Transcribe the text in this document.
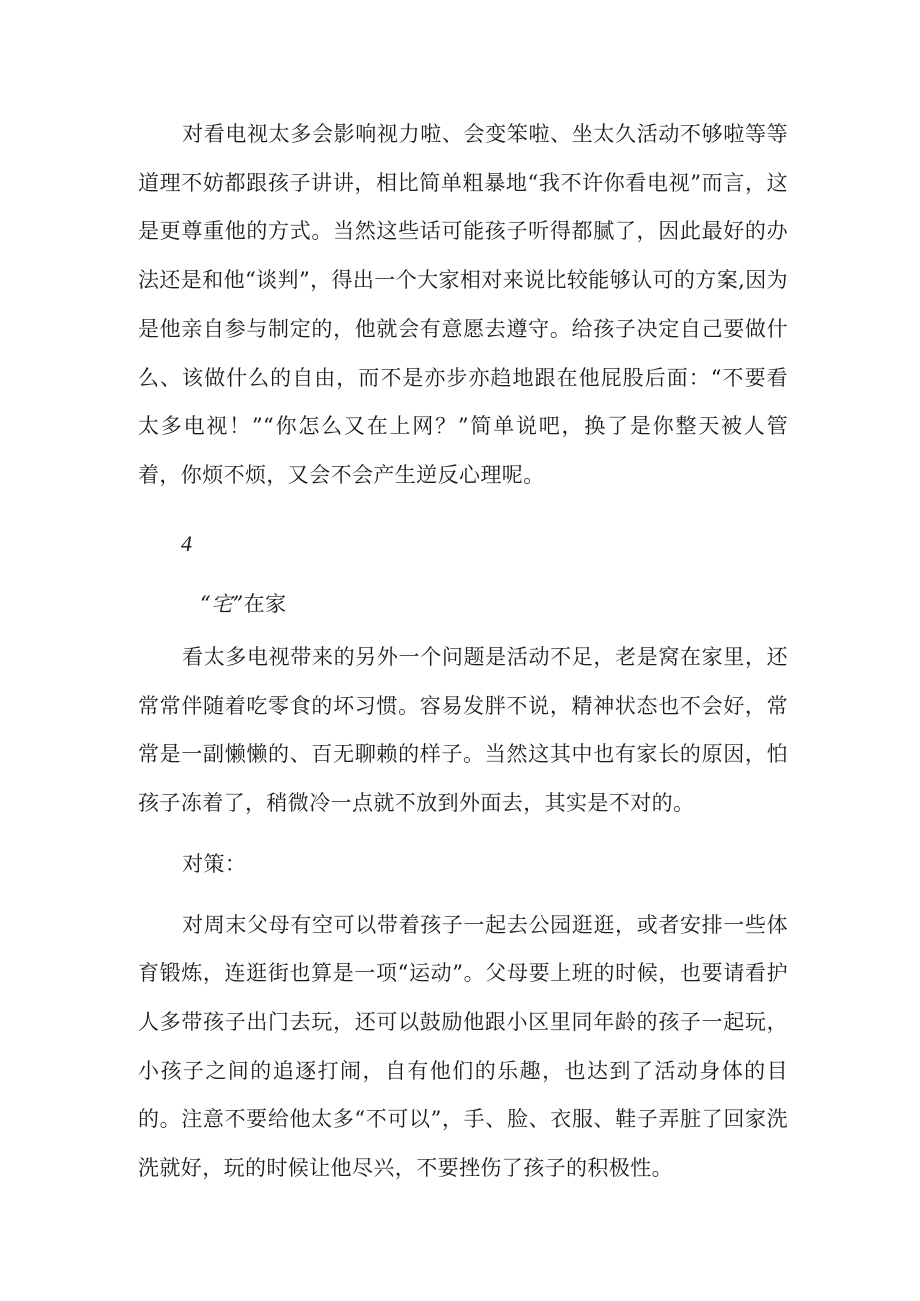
对看电视太多会影响视力啦、会变笨啦、坐太久活动不够啦等等道理不妨都跟孩子讲讲，相比简单粗暴地“我不许你看电视”而言，这是更尊重他的方式。当然这些话可能孩子听得都腻了，因此最好的办法还是和他“谈判”，得出一个大家相对来说比较能够认可的方案,因为是他亲自参与制定的，他就会有意愿去遵守。给孩子决定自己要做什么、该做什么的自由，而不是亦步亦趋地跟在他屁股后面：“不要看太多电视！”“你怎么又在上网？”简单说吧，换了是你整天被人管着，你烦不烦，又会不会产生逆反心理呢。

4
“宅”在家

看太多电视带来的另外一个问题是活动不足，老是窝在家里，还常常伴随着吃零食的坏习惯。容易发胖不说，精神状态也不会好，常常是一副懒懒的、百无聊赖的样子。当然这其中也有家长的原因，怕孩子冻着了，稍微冷一点就不放到外面去，其实是不对的。

对策：

对周末父母有空可以带着孩子一起去公园逛逛，或者安排一些体育锻炼，连逛街也算是一项“运动”。父母要上班的时候，也要请看护人多带孩子出门去玩，还可以鼓励他跟小区里同年龄的孩子一起玩，小孩子之间的追逐打闹，自有他们的乐趣，也达到了活动身体的目的。注意不要给他太多“不可以”，手、脸、衣服、鞋子弄脏了回家洗洗就好，玩的时候让他尽兴，不要挫伤了孩子的积极性。
